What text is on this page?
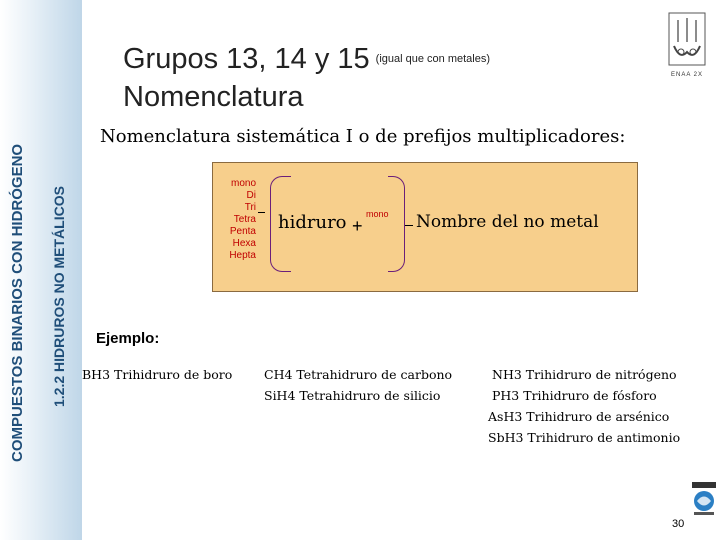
COMPUESTOS BINARIOS CON HIDRÓGENO 1.2.2 HIDRUROS NO METÁLICOS
Grupos 13, 14 y 15 $^{(igual que con metales)}$
Nomenclatura
ENAA 2X
Nomenclatura sistemática I o de prefijos multiplicadores:
mono
Di
Tri
Tetra
Penta
Hexa
Hepta
hidruro +
mono Nombre del no metal
Ejemplo:
BH3 Trihidruro de boro	CH4 Tetrahidruro de carbono
SiH4 Tetrahidruro de silicio
NH3 Trihidruro de nitrógeno
PH3 Trihidruro de fósforo
AsH3 Trihidruro de arsénico
SbH3 Trihidruro de antimonio
30
